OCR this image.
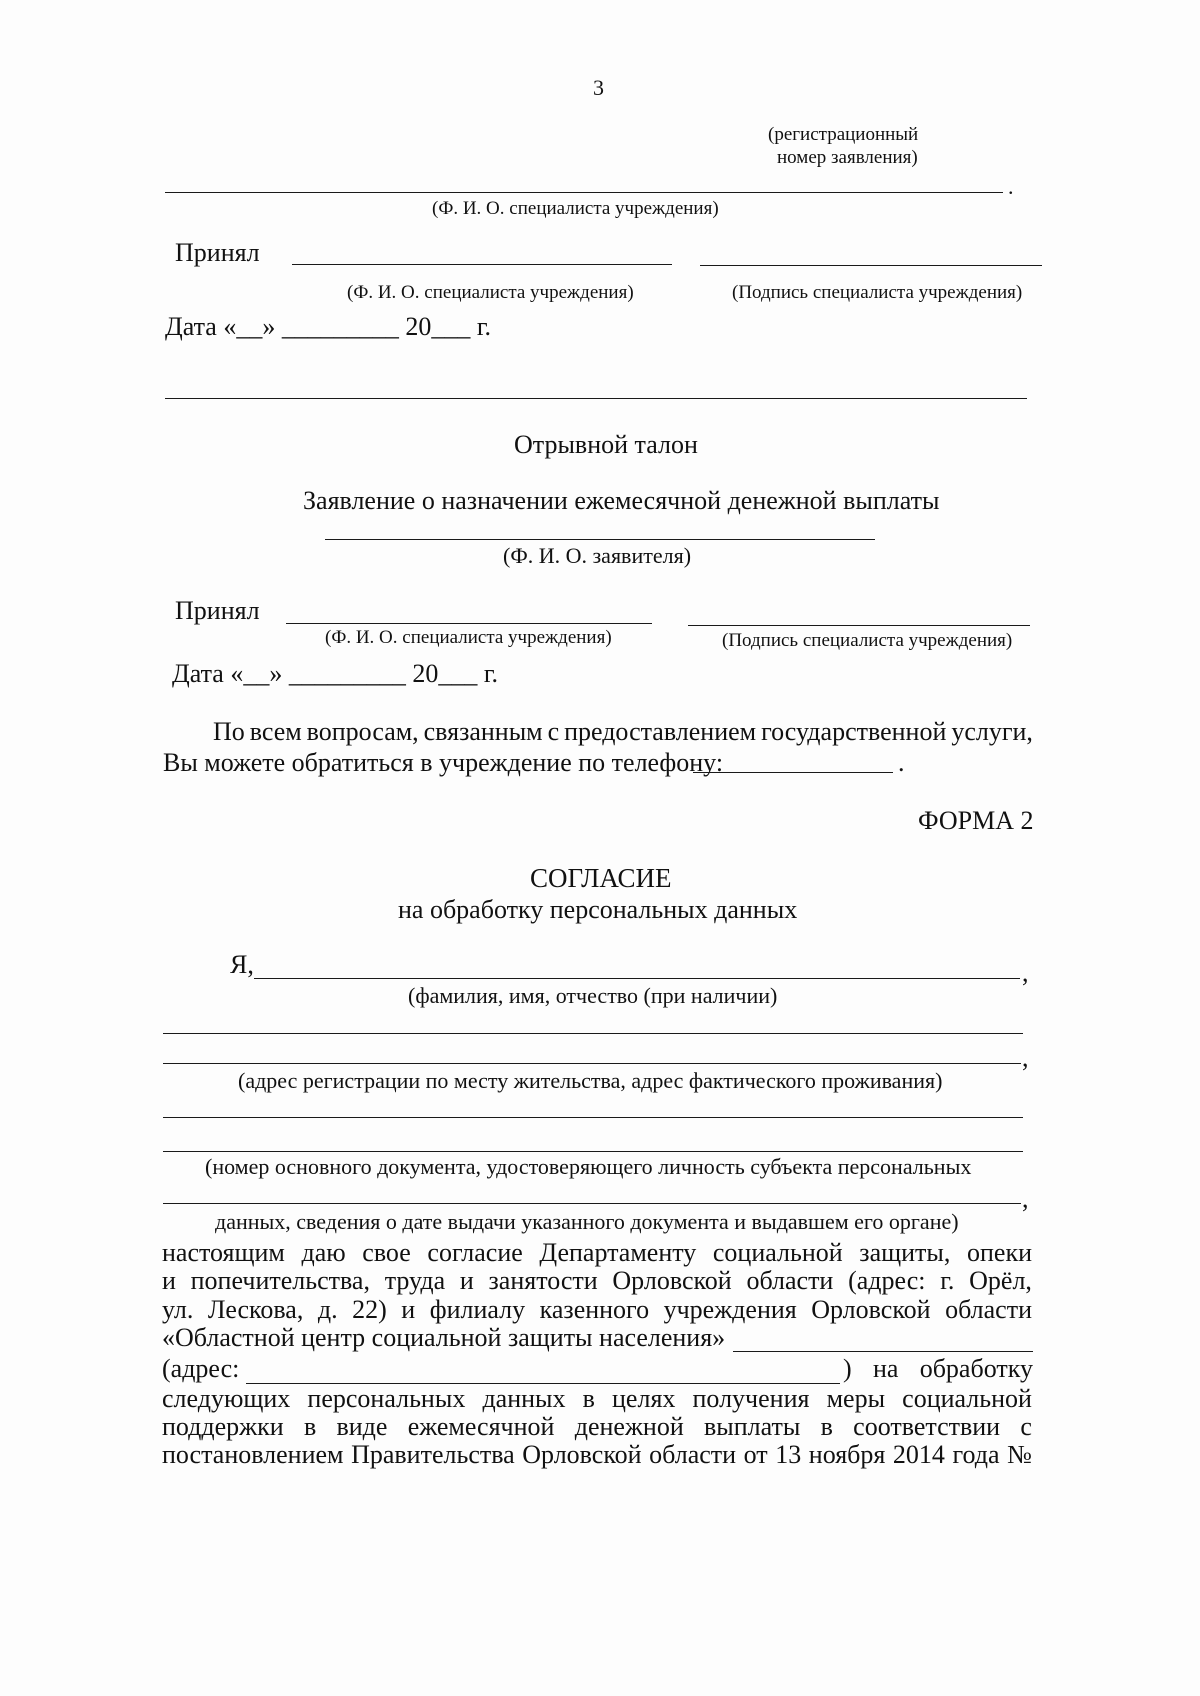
3
(регистрационный
номер заявления)
.
(Ф. И. О. специалиста учреждения)
Принял
(Ф. И. О. специалиста учреждения)	(Подпись специалиста учреждения)
Дата «__» _________ 20___ г.
Отрывной талон
Заявление о назначении ежемесячной денежной выплаты
(Ф. И. О. заявителя)
Принял
(Ф. И. О. специалиста учреждения)	(Подпись специалиста учреждения)
Дата «__» _________ 20___ г.
По всем вопросам, связанным с предоставлением государственной услуги,
Вы можете обратиться в учреждение по телефону:	.
ФОРМА 2
СОГЛАСИЕ
на обработку персональных данных
Я,	,
(фамилия, имя, отчество (при наличии)
,
(адрес регистрации по месту жительства, адрес фактического проживания)
(номер основного документа, удостоверяющего личность субъекта персональных
,
данных, сведения о дате выдачи указанного документа и выдавшем его органе)
настоящим даю свое согласие Департаменту социальной защиты, опеки
и попечительства, труда и занятости Орловской области (адрес: г. Орёл,
ул. Лескова, д. 22) и филиалу казенного учреждения Орловской области
«Областной центр социальной защиты населения»
(адрес:	) на обработку
следующих персональных данных в целях получения меры социальной
поддержки в виде ежемесячной денежной выплаты в соответствии с
постановлением Правительства Орловской области от 13 ноября 2014 года №
